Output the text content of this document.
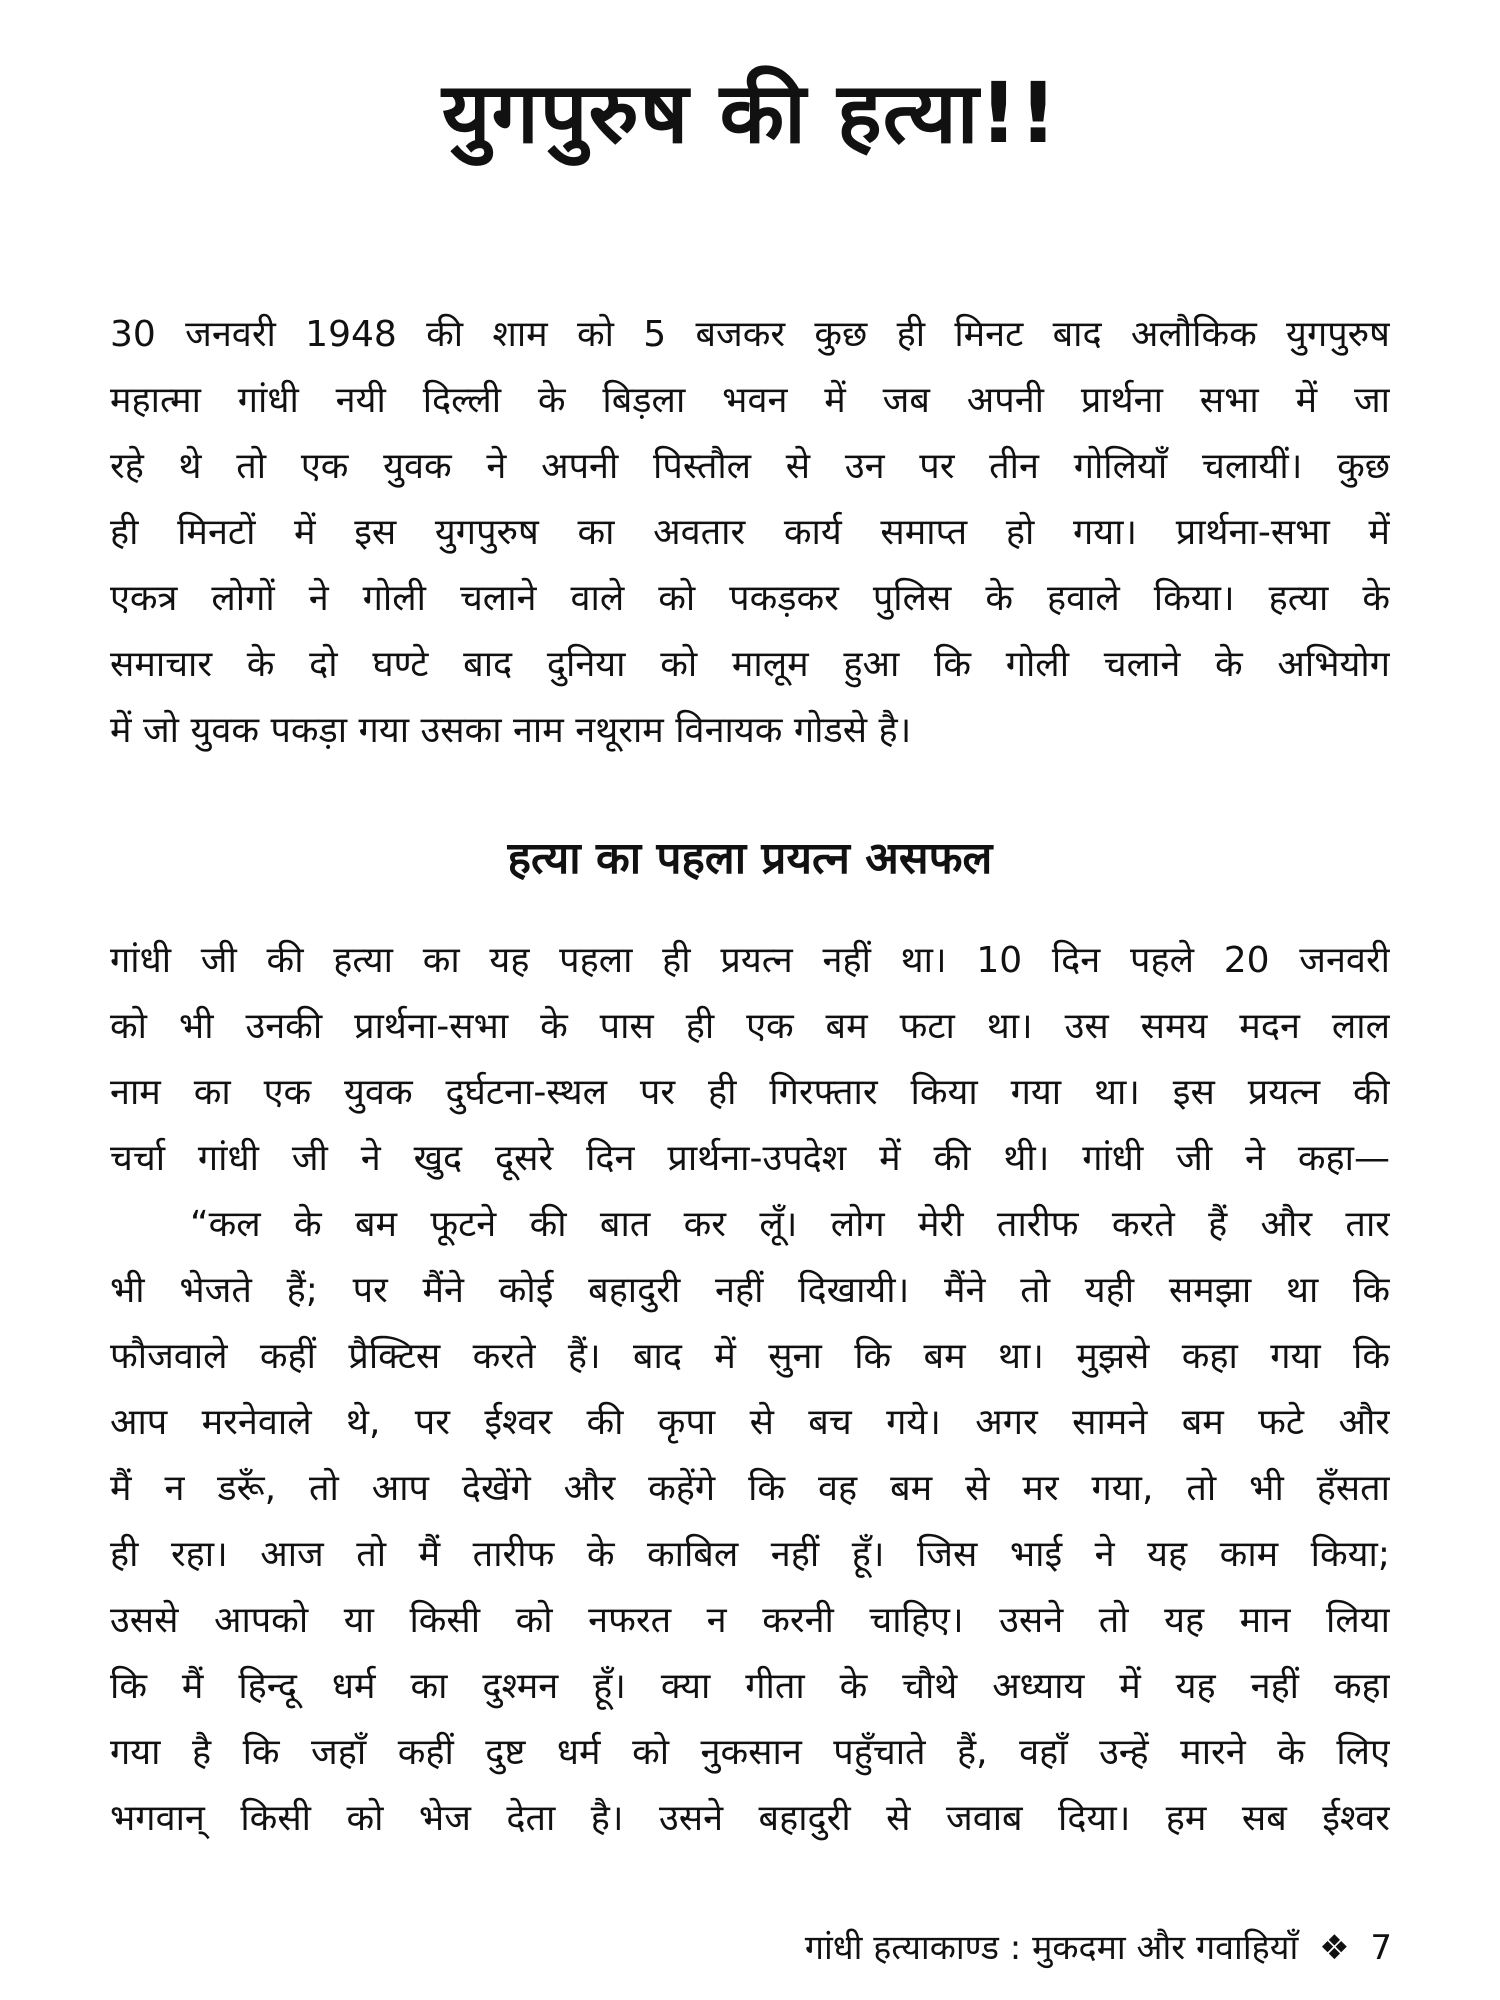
युगपुरुष की हत्या!!
30 जनवरी 1948 की शाम को 5 बजकर कुछ ही मिनट बाद अलौकिक युगपुरुष
महात्मा गांधी नयी दिल्ली के बिड़ला भवन में जब अपनी प्रार्थना सभा में जा
रहे थे तो एक युवक ने अपनी पिस्तौल से उन पर तीन गोलियाँ चलायीं। कुछ
ही मिनटों में इस युगपुरुष का अवतार कार्य समाप्त हो गया। प्रार्थना-सभा में
एकत्र लोगों ने गोली चलाने वाले को पकड़कर पुलिस के हवाले किया। हत्या के
समाचार के दो घण्टे बाद दुनिया को मालूम हुआ कि गोली चलाने के अभियोग
में जो युवक पकड़ा गया उसका नाम नथूराम विनायक गोडसे है।
हत्या का पहला प्रयत्न असफल
गांधी जी की हत्या का यह पहला ही प्रयत्न नहीं था। 10 दिन पहले 20 जनवरी
को भी उनकी प्रार्थना-सभा के पास ही एक बम फटा था। उस समय मदन लाल
नाम का एक युवक दुर्घटना-स्थल पर ही गिरफ्तार किया गया था। इस प्रयत्न की
चर्चा गांधी जी ने खुद दूसरे दिन प्रार्थना-उपदेश में की थी। गांधी जी ने कहा—
“कल के बम फूटने की बात कर लूँ। लोग मेरी तारीफ करते हैं और तार
भी भेजते हैं; पर मैंने कोई बहादुरी नहीं दिखायी। मैंने तो यही समझा था कि
फौजवाले कहीं प्रैक्टिस करते हैं। बाद में सुना कि बम था। मुझसे कहा गया कि
आप मरनेवाले थे, पर ईश्वर की कृपा से बच गये। अगर सामने बम फटे और
मैं न डरूँ, तो आप देखेंगे और कहेंगे कि वह बम से मर गया, तो भी हँसता
ही रहा। आज तो मैं तारीफ के काबिल नहीं हूँ। जिस भाई ने यह काम किया;
उससे आपको या किसी को नफरत न करनी चाहिए। उसने तो यह मान लिया
कि मैं हिन्दू धर्म का दुश्मन हूँ। क्या गीता के चौथे अध्याय में यह नहीं कहा
गया है कि जहाँ कहीं दुष्ट धर्म को नुकसान पहुँचाते हैं, वहाँ उन्हें मारने के लिए
भगवान् किसी को भेज देता है। उसने बहादुरी से जवाब दिया। हम सब ईश्वर
गांधी हत्याकाण्ड : मुकदमा और गवाहियाँ ❖ 7
